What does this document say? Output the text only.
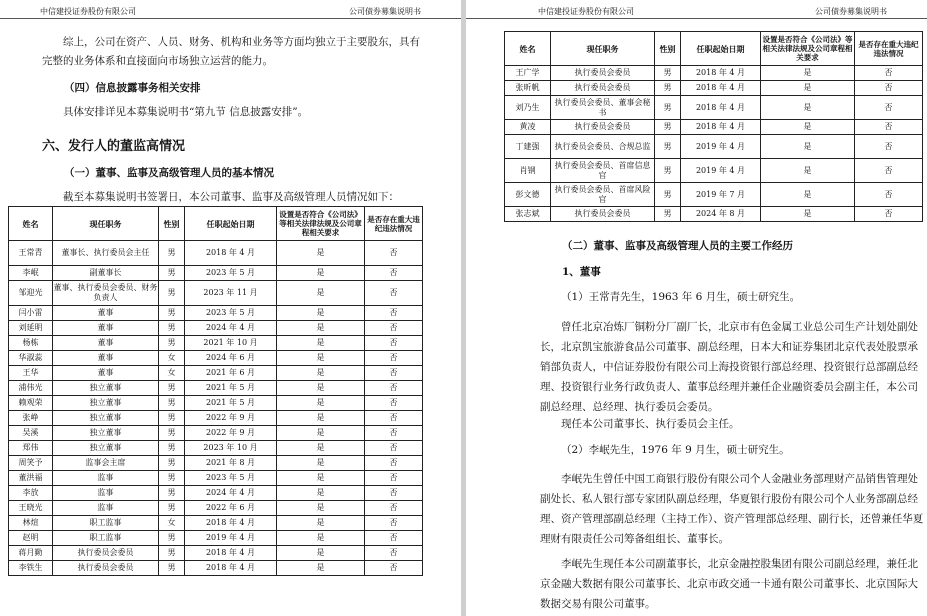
中信建投证券股份有限公司	公司债券募集说明书
综上，公司在资产、人员、财务、机构和业务等方面均独立于主要股东，具有完整的业务体系和直接面向市场独立运营的能力。
（四）信息披露事务相关安排
具体安排详见本募集说明书“第九节 信息披露安排”。
六、发行人的董监高情况
（一）董事、监事及高级管理人员的基本情况
截至本募集说明书签署日，本公司董事、监事及高级管理人员情况如下：
姓名	现任职务	性别	任职起始日期	设置是否符合《公司法》等相关法律法规及公司章程相关要求	是否存在重大违纪违法情况
王常青	董事长、执行委员会主任	男	2018 年 4 月	是	否
李岷	副董事长	男	2023 年 5 月	是	否
邹迎光	董事、执行委员会委员、财务负责人	男	2023 年 11 月	是	否
闫小雷	董事	男	2023 年 5 月	是	否
刘延明	董事	男	2024 年 4 月	是	否
杨栋	董事	男	2021 年 10 月	是	否
华淑蕊	董事	女	2024 年 6 月	是	否
王华	董事	女	2021 年 6 月	是	否
浦伟光	独立董事	男	2021 年 5 月	是	否
赖观荣	独立董事	男	2021 年 5 月	是	否
张峥	独立董事	男	2022 年 9 月	是	否
吴溪	独立董事	男	2022 年 9 月	是	否
郑伟	独立董事	男	2023 年 10 月	是	否
周笑予	监事会主席	男	2021 年 8 月	是	否
董洪福	监事	男	2023 年 5 月	是	否
李放	监事	男	2024 年 4 月	是	否
王晓光	监事	男	2022 年 6 月	是	否
林煊	职工监事	女	2018 年 4 月	是	否
赵明	职工监事	男	2019 年 4 月	是	否
蒋月勤	执行委员会委员	男	2018 年 4 月	是	否
李铁生	执行委员会委员	男	2018 年 4 月	是	否
中信建投证券股份有限公司	公司债券募集说明书
姓名	现任职务	性别	任职起始日期	设置是否符合《公司法》等相关法律法规及公司章程相关要求	是否存在重大违纪违法情况
王广学	执行委员会委员	男	2018 年 4 月	是	否
张昕帆	执行委员会委员	男	2018 年 4 月	是	否
刘乃生	执行委员会委员、董事会秘书	男	2018 年 4 月	是	否
黄凌	执行委员会委员	男	2018 年 4 月	是	否
丁建强	执行委员会委员、合规总监	男	2019 年 4 月	是	否
肖钢	执行委员会委员、首席信息官	男	2019 年 4 月	是	否
彭文德	执行委员会委员、首席风险官	男	2019 年 7 月	是	否
张志斌	执行委员会委员	男	2024 年 8 月	是	否
（二）董事、监事及高级管理人员的主要工作经历
1、董事
（1）王常青先生，1963 年 6 月生，硕士研究生。
曾任北京冶炼厂铜粉分厂副厂长，北京市有色金属工业总公司生产计划处副处长，北京凯宝旅游食品公司董事、副总经理，日本大和证券集团北京代表处股票承销部负责人，中信证券股份有限公司上海投资银行部总经理、投资银行总部副总经理、投资银行业务行政负责人、董事总经理并兼任企业融资委员会副主任，本公司副总经理、总经理、执行委员会委员。
现任本公司董事长、执行委员会主任。
（2）李岷先生，1976 年 9 月生，硕士研究生。
李岷先生曾任中国工商银行股份有限公司个人金融业务部理财产品销售管理处副处长、私人银行部专家团队副总经理，华夏银行股份有限公司个人业务部副总经理、资产管理部副总经理（主持工作）、资产管理部总经理、副行长，还曾兼任华夏理财有限责任公司筹备组组长、董事长。
李岷先生现任本公司副董事长，北京金融控股集团有限公司副总经理，兼任北京金融大数据有限公司董事长、北京市政交通一卡通有限公司董事长、北京国际大数据交易有限公司董事。
